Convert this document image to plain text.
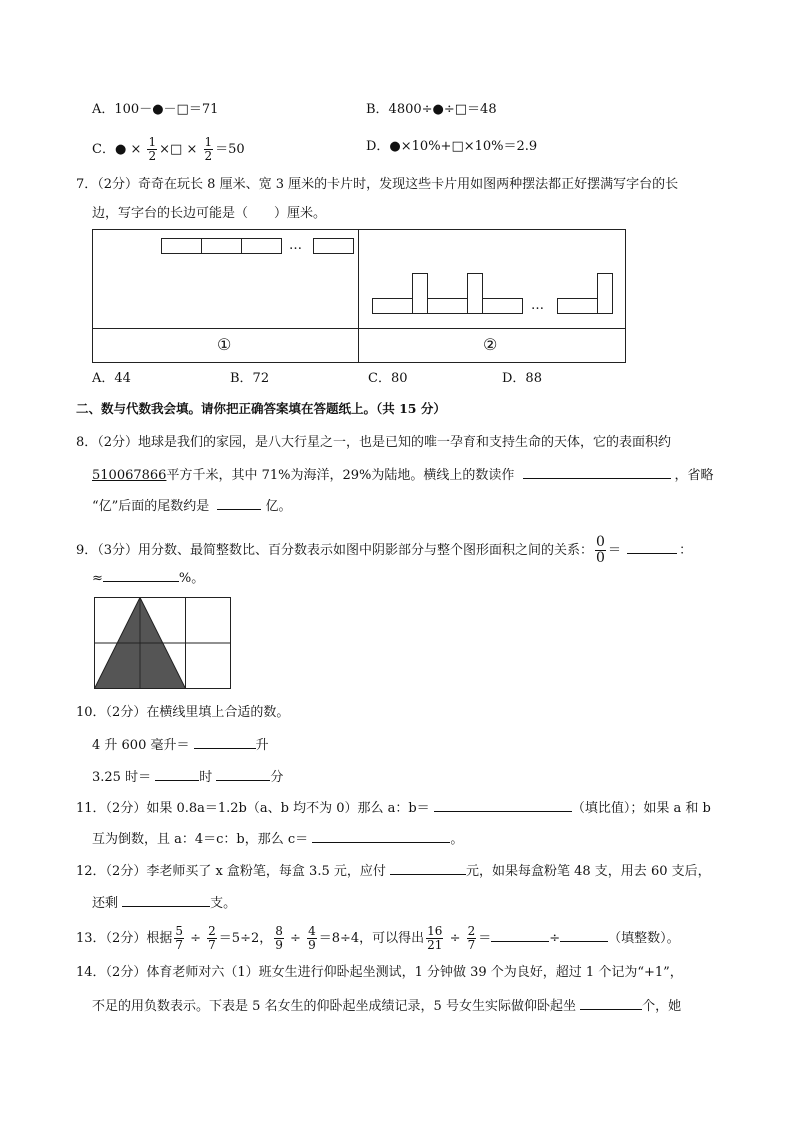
A．100－●－□＝71	B．4800÷●÷□＝48
C．● × $\frac{1}{2}$ ×□ × $\frac{1}{2} =50$	D．●×10%+□×10%＝2.9
7．（2分）奇奇在玩长 8 厘米、宽 3 厘米的卡片时，发现这些卡片用如图两种摆法都正好摆满写字台的长
边，写字台的长边可能是（　　）厘米。
…
…
①	②
A．44	B．72	C．80	D．88
二、数与代数我会填。请你把正确答案填在答题纸上。（共 15 分）
8．（2分）地球是我们的家园，是八大行星之一，也是已知的唯一孕育和支持生命的天体，它的表面积约
510067866平方千米，其中 71%为海洋，29%为陆地。横线上的数读作	，省略
“亿”后面的尾数约是	亿。
9．（3分）用分数、最简整数比、百分数表示如图中阴影部分与整个图形面积之间的关系： $\frac{0}{0}$ ＝	：
≈	%。
10．（2分）在横线里填上合适的数。
4 升 600 毫升＝	升
3.25 时＝	时	分
11．（2分）如果 0.8a＝1.2b（a、b 均不为 0）那么 a：b＝	（填比值）；如果 a 和 b
互为倒数，且 a：4＝c：b，那么 c＝	。
12．（2分）李老师买了 x 盒粉笔，每盒 3.5 元，应付	元，如果每盒粉笔 48 支，用去 60 支后，
还剩	支。
13．（2分）根据 $\frac{5}{7} \div \frac{2}{7} =5\div 2$， $\frac{8}{9} \div \frac{4}{9} =8\div 4$，可以得出 $\frac{16}{21} \div \frac{2}{7}$ ＝	÷	（填整数）。
14．（2分）体育老师对六（1）班女生进行仰卧起坐测试，1 分钟做 39 个为良好，超过 1 个记为“+1”，
不足的用负数表示。下表是 5 名女生的仰卧起坐成绩记录，5 号女生实际做仰卧起坐	个，她
